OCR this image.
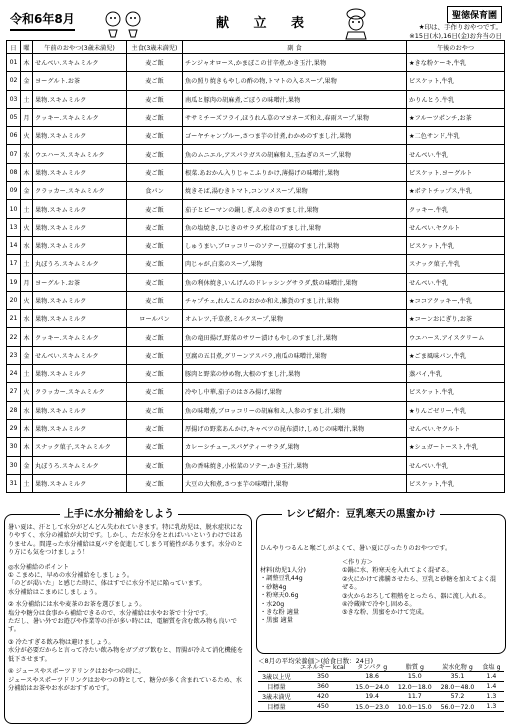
令和6年8月	献 立 表	聖徳保育園
★印は、手作りおやつです。
※15日(木),16日(金)お弁当の日
日	曜	午前のおやつ(3歳未満児)	主食(3歳未満児)	副 食	午後のおやつ
01	木	せんべい.スキムミルク	麦ご飯	チンジャオロース,かまぼこの甘辛煮,かき玉汁,果物	★きな粉ケーキ,牛乳
02	金	ヨーグルト.お茶	麦ご飯	魚の照り焼きもやしの酢の物,トマトの入るスープ,果物	ビスケット,牛乳
03	土	果物.スキムミルク	麦ご飯	南瓜と豚肉の胡麻煮,ごぼうの味噌汁,果物	かりんとう.牛乳
05	月	クッキー.スキムミルク	麦ご飯	ササミチーズフライ,ほうれん草のマヨネーズ和え,春雨スープ,果物	★フルーツポンチ,お茶
06	火	果物.スキムミルク	麦ご飯	ゴーヤチャンプルー,さつま芋の甘煮,わかめのすまし汁,果物	★二色サンド,牛乳
07	水	ウエハース.スキムミルク	麦ご飯	魚のムニエル,アスパラガスの胡麻和え,玉ねぎのスープ,果物	せんべい.牛乳
08	木	果物.スキムミルク	麦ご飯	根菜.あおかん入りじゃこふりかけ,薄揚げの味噌汁,果物	ビスケット.ヨーグルト
09	金	クラッカー.スキムミルク	食パン	焼きそば,湯むきトマト,コンソメスープ,果物	★ポテトチップス,牛乳
10	土	果物.スキムミルク	麦ご飯	茄子とピーマンの鍋しぎ,えのきのすまし汁,果物	クッキー.牛乳
13	火	果物.スキムミルク	麦ご飯	魚の塩焼き,ひじきのサラダ,松茸のすまし汁,果物	せんべい.ヤクルト
14	水	果物.スキムミルク	麦ご飯	しゅうまい,ブロッコリーのソテー,豆腐のすまし汁,果物	ビスケット,牛乳
17	土	丸ぼうろ.スキムミルク	麦ご飯	肉じゃが,白菜のスープ,果物	スナック菓子,牛乳
19	月	ヨーグルト.お茶	麦ご飯	魚の利休焼き,いんげんのドレッシングサラダ,麩の味噌汁,果物	せんべい.牛乳
20	火	果物.スキムミルク	麦ご飯	チャプチェ,れんこんのおかか和え,雑貨のすまし汁,果物	★ココアクッキー,牛乳
21	水	果物.スキムミルク	ロールパン	オムレツ,千草煮,ミルクスープ,果物	★コーンおにぎり,お茶
22	木	クッキー.スキムミルク	麦ご飯	魚の竜田揚げ,野菜のサワー漬けもやしのすまし汁,果物	ウエハース.アイスクリーム
23	金	せんべい.スキムミルク	麦ご飯	豆腐の五目煮,グリーンアスパラ,南瓜の味噌汁,果物	★ごま風味パン,牛乳
24	土	果物.スキムミルク	麦ご飯	豚肉と野菜の炒め物,大根のすまし汁,果物	蒸パイ,牛乳
27	火	クラッカー.スキムミルク	麦ご飯	冷やし中華,茄子のはさみ揚げ,果物	ビスケット.牛乳
28	水	果物.スキムミルク	麦ご飯	魚の味噌煮,ブロッコリーの胡麻和え,人参のすまし汁,果物	★りんごゼリー,牛乳
29	木	果物.スキムミルク	麦ご飯	厚揚げの野菜あんかけ,キャベツの昆布漬け,しめじの味噌汁,果物	せんべい.ヤクルト
30	木	スナック菓子,スキムミルク	麦ご飯	カレーシチュー,スパゲティーサラダ,果物	★シュガートースト,牛乳
30	金	丸ぼうろ.スキムミルク	麦ご飯	魚の香味焼き,小松菜のソテー,かき玉汁,果物	せんべい.牛乳
31	土	果物.スキムミルク	麦ご飯	大豆の大和煮,さつま芋の味噌汁,果物	ビスケット,牛乳
上手に水分補給をしよう

暑い夏は、汗として水分がどんどん失われていきます。特に乳幼児は、脱水症状になりやすく、水分の補給が大切です。しかし、ただ水分をとればいいというわけではありません。間違った水分補給は夏バテを促進してしまう可能性があります。水分のとり方にも気をつけましょう！

◎水分補給のポイント

① こまめに、早めの水分補給をしましょう。

「のどが渇いた」と感じた時に、体はすでに水分不足に陥っています。

水分補給はこまめにしましょう。

② 水分補給には水や麦茶のお茶を選びましょう。

塩分や糖分は食事から補給できるので、水分補給は水やお茶で十分です。

ただし、暑い外でお遊びや作業等の汗が多い時には、電解質を含む飲み物も良いです。

③ 冷たすぎる飲み物は避けましょう。

水分が必要だからと言って冷たい飲み物をガブガブ飲むと、胃腸が冷えて消化機能を低下させます。

④ ジュースやスポーツドリンクはおやつの時に。

ジュースやスポーツドリンクはおやつの時として、糖分が多く含まれているため、水分補給はお茶やお水がおすすめです。

レシピ紹介：豆乳寒天の黒蜜かけ

ひんやりつるんと喉ごしがよくて、暑い夏にぴったりのおやつです。

材料(幼児1人分)

・調整豆乳44g

・砂糖4g

・粉寒天0.6g

・水20g

・きな粉 適量

・黒蜜 適量

＜作り方＞

①鍋に水、粉寒天を入れてよく混ぜる。

②火にかけて沸騰させたら、豆乳と砂糖を加えてよく混ぜる。

③火からおろして粗熱をとったら、器に流し入れる。

④冷蔵庫で冷やし固める。

⑤きな粉、黒蜜をかけて完成。

＜8月の平均栄養価＞(給食日数：24日)
	エネルギー kcal	タンパク g	脂質 g	炭水化物 g	食塩 g
3歳以上児	350	18.6	15.0	35.1	1.4
目標量	360	15.0〜24.0	12.0〜18.0	28.0〜48.0	1.4
3歳未満児	420	19.4	11.7	57.2	1.3
目標量	450	15.0〜23.0	10.0〜15.0	56.0〜72.0	1.3
